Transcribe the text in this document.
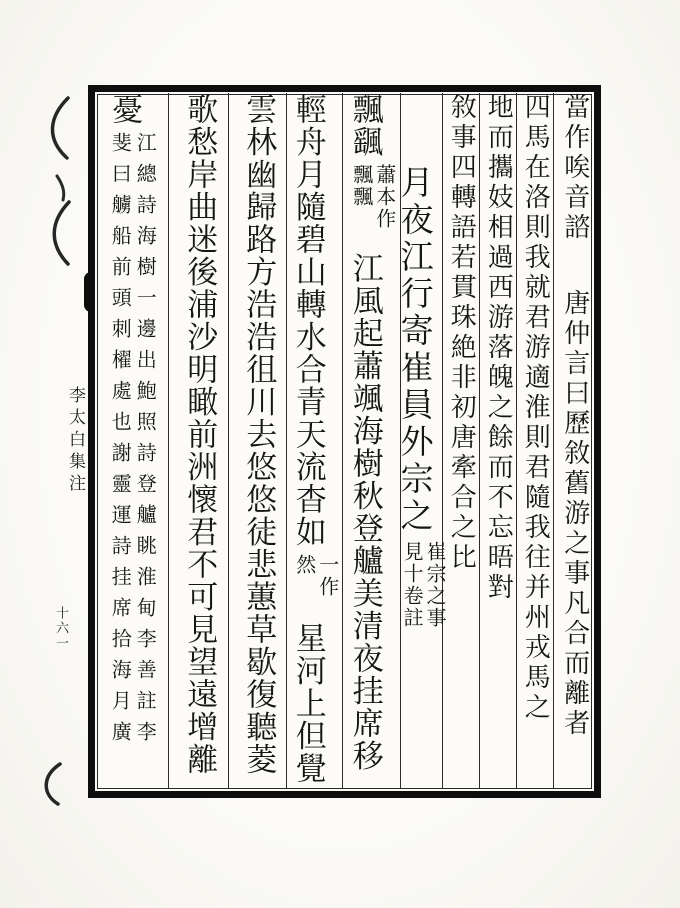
李太白集注
十六一
當作唉音諮唐仲言曰歷敘舊游之事凡合而離者
四馬在洛則我就君游適淮則君隨我往并州戎馬之
地而攜妓相過西游落魄之餘而不忘晤對
敘事四轉語若貫珠絶非初唐牽合之比
月夜江行寄崔員外宗之
崔宗之事
見十卷註
飄颻
蕭本作
飄飄
江風起蕭颯海樹秋登艫美清夜挂席移
輕舟月隨碧山轉水合青天流杳如
一作
然
星河上但覺
雲林幽歸路方浩浩徂川去悠悠徒悲蕙草歇復聽菱
歌愁岸曲迷後浦沙明瞰前洲懷君不可見望遠增離
憂
江總詩海樹一邊出鮑照詩登艫眺淮甸李善註李
斐曰艣船前頭刺櫂處也謝靈運詩挂席拾海月廣
